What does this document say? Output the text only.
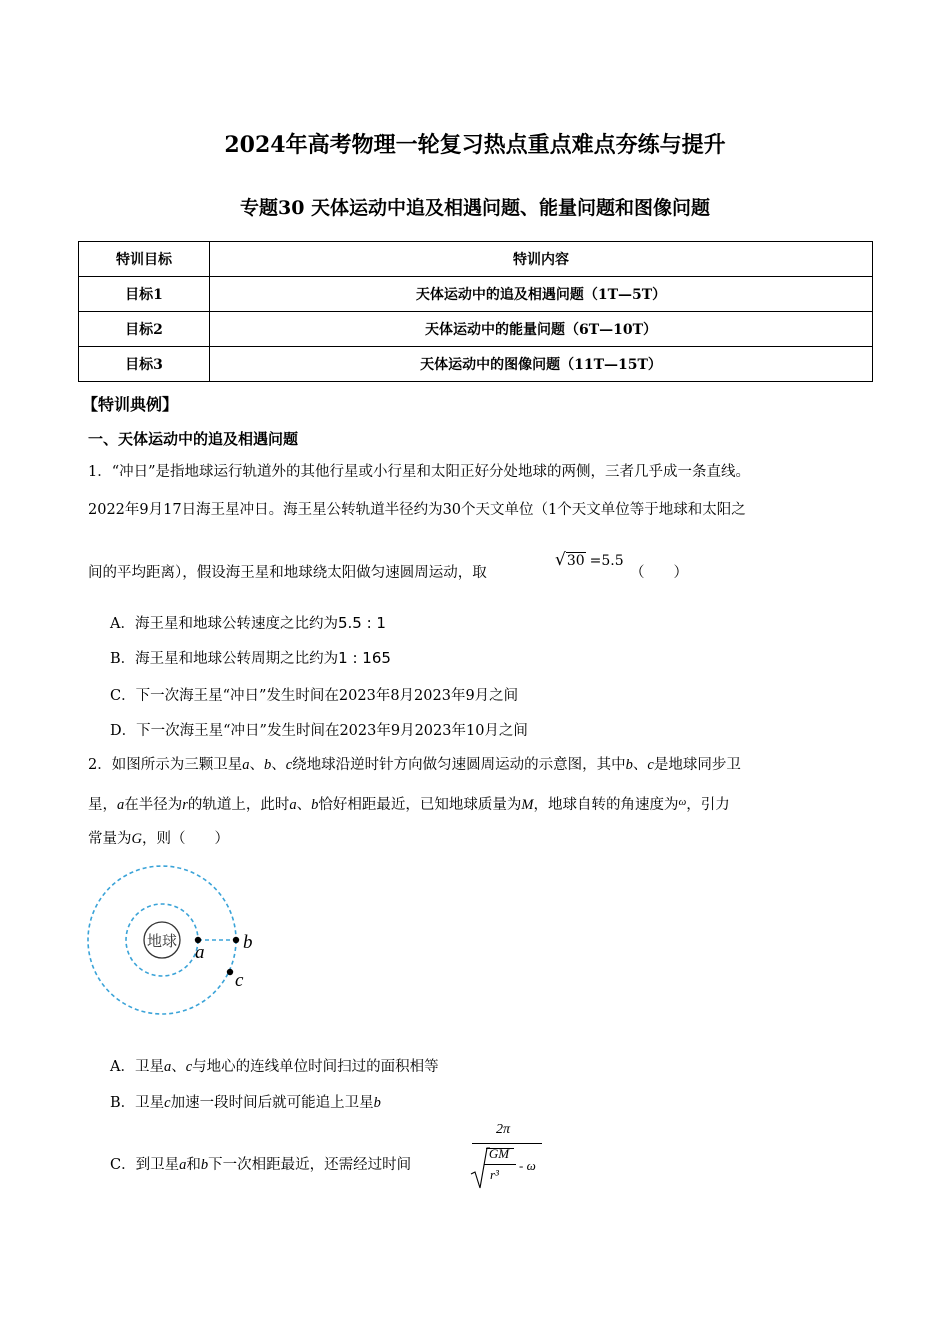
2024年高考物理一轮复习热点重点难点夯练与提升
专题30 天体运动中追及相遇问题、能量问题和图像问题
特训目标	特训内容
目标1	天体运动中的追及相遇问题（1T—5T）
目标2	天体运动中的能量问题（6T—10T）
目标3	天体运动中的图像问题（11T—15T）
【特训典例】
一、天体运动中的追及相遇问题
1．“冲日”是指地球运行轨道外的其他行星或小行星和太阳正好分处地球的两侧，三者几乎成一条直线。
2022年9月17日海王星冲日。海王星公转轨道半径约为30个天文单位（1个天文单位等于地球和太阳之
间的平均距离），假设海王星和地球绕太阳做匀速圆周运动，取
√30 =5.5
（　　）
A．海王星和地球公转速度之比约为5.5 : 1
B．海王星和地球公转周期之比约为1 : 165
C．下一次海王星“冲日”发生时间在2023年8月2023年9月之间
D．下一次海王星“冲日”发生时间在2023年9月2023年10月之间
2．如图所示为三颗卫星a、b、c绕地球沿逆时针方向做匀速圆周运动的示意图，其中b、c是地球同步卫
星，a在半径为r的轨道上，此时a、b恰好相距最近，已知地球质量为M，地球自转的角速度为$^\omega$，引力
常量为G，则（　　）
地球
a b
c
A．卫星a、c与地心的连线单位时间扫过的面积相等
B．卫星c加速一段时间后就可能追上卫星b
C．到卫星a和b下一次相距最近，还需经过时间
2π
GM
r³
- ω
